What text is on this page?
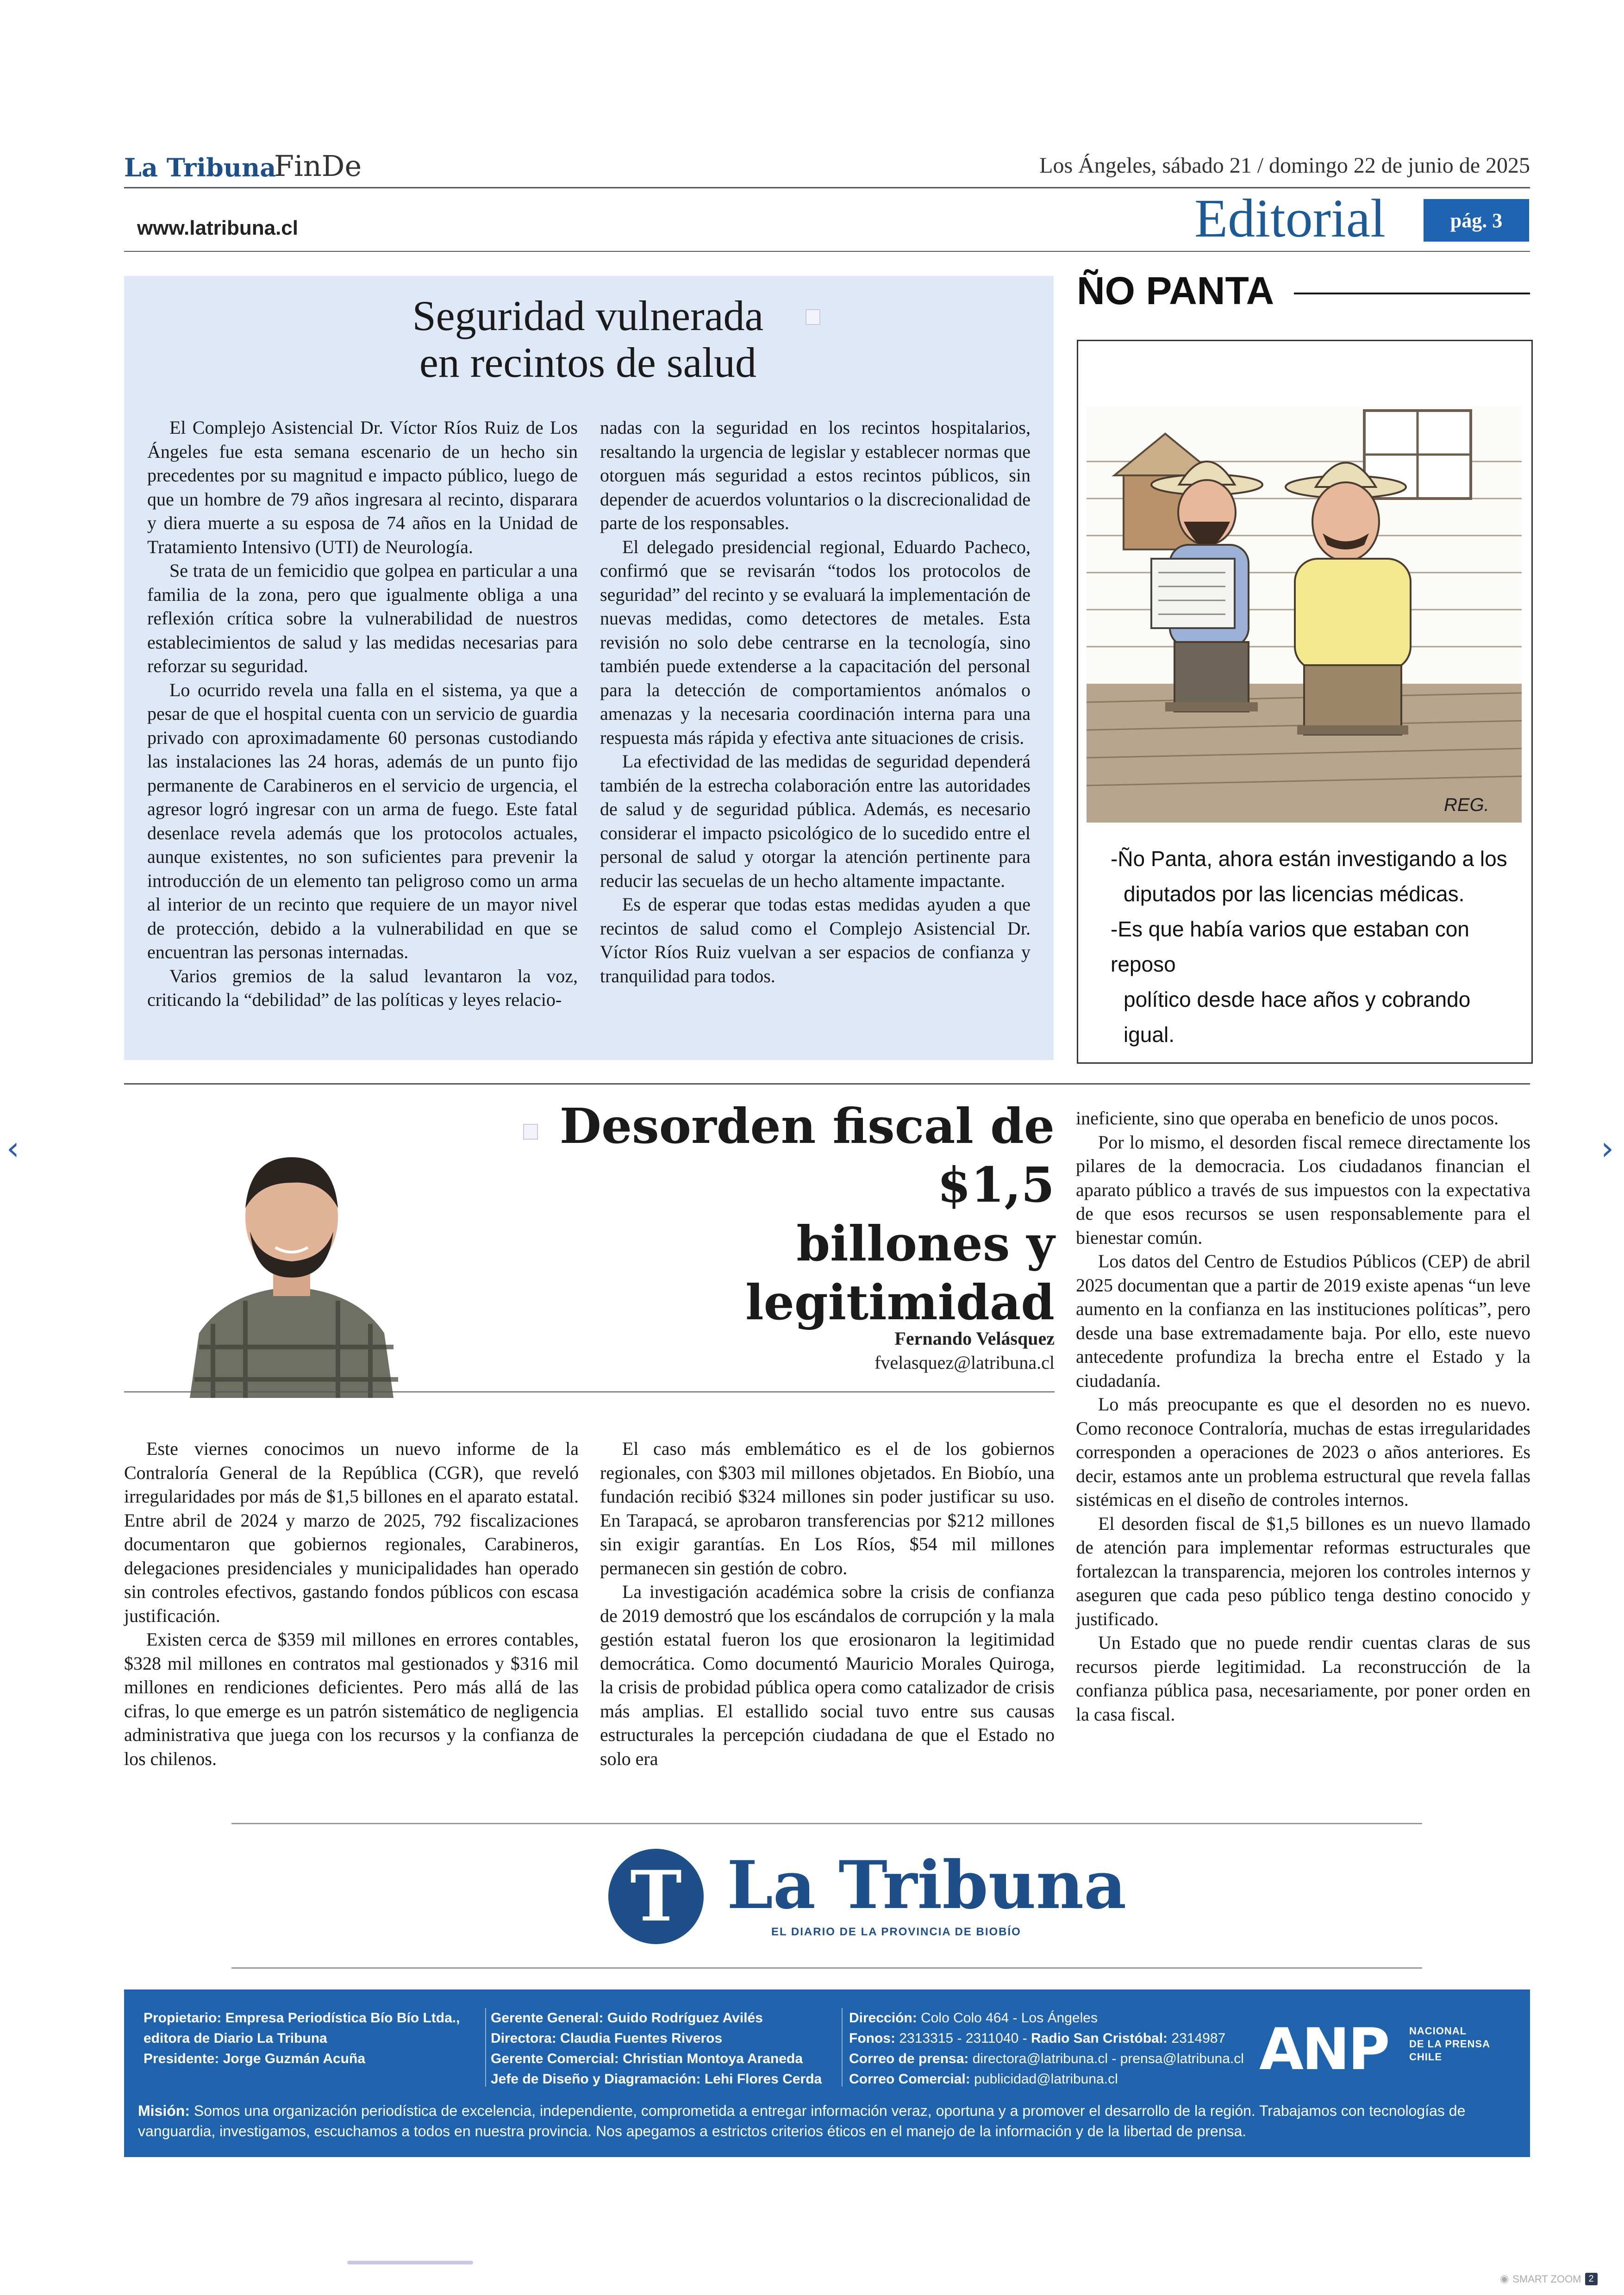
La Tribuna
FinDe	Los Ángeles, sábado 21 / domingo 22 de junio de 2025
www.latribuna.cl	Editorial	pág. 3
Seguridad vulnerada
en recintos de salud

El Complejo Asistencial Dr. Víctor Ríos Ruiz de Los Ángeles fue esta semana escenario de un hecho sin precedentes por su magnitud e impacto público, luego de que un hombre de 79 años ingresara al recinto, disparara y diera muerte a su esposa de 74 años en la Unidad de Tratamiento Intensivo (UTI) de Neurología.

Se trata de un femicidio que golpea en particular a una familia de la zona, pero que igualmente obliga a una reflexión crítica sobre la vulnerabilidad de nuestros establecimientos de salud y las medidas necesarias para reforzar su seguridad.

Lo ocurrido revela una falla en el sistema, ya que a pesar de que el hospital cuenta con un servicio de guardia privado con aproximadamente 60 personas custodiando las instalaciones las 24 horas, además de un punto fijo permanente de Carabineros en el servicio de urgencia, el agresor logró ingresar con un arma de fuego. Este fatal desenlace revela además que los protocolos actuales, aunque existentes, no son suficientes para prevenir la introducción de un elemento tan peligroso como un arma al interior de un recinto que requiere de un mayor nivel de protección, debido a la vulnerabilidad en que se encuentran las personas internadas.

Varios gremios de la salud levantaron la voz, criticando la “debilidad” de las políticas y leyes relacio-

nadas con la seguridad en los recintos hospitalarios, resaltando la urgencia de legislar y establecer normas que otorguen más seguridad a estos recintos públicos, sin depender de acuerdos voluntarios o la discrecionalidad de parte de los responsables.

El delegado presidencial regional, Eduardo Pacheco, confirmó que se revisarán “todos los protocolos de seguridad” del recinto y se evaluará la implementación de nuevas medidas, como detectores de metales. Esta revisión no solo debe centrarse en la tecnología, sino también puede extenderse a la capacitación del personal para la detección de comportamientos anómalos o amenazas y la necesaria coordinación interna para una respuesta más rápida y efectiva ante situaciones de crisis.

La efectividad de las medidas de seguridad dependerá también de la estrecha colaboración entre las autoridades de salud y de seguridad pública. Además, es necesario considerar el impacto psicológico de lo sucedido entre el personal de salud y otorgar la atención pertinente para reducir las secuelas de un hecho altamente impactante.

Es de esperar que todas estas medidas ayuden a que recintos de salud como el Complejo Asistencial Dr. Víctor Ríos Ruiz vuelvan a ser espacios de confianza y tranquilidad para todos.

ÑO PANTA
REG.
-Ño Panta, ahora están investigando a los
diputados por las licencias médicas.
-Es que había varios que estaban con reposo
político desde hace años y cobrando igual.
Desorden fiscal de $1,5
billones y legitimidad
Fernando Velásquez
fvelasquez@latribuna.cl

Este viernes conocimos un nuevo informe de la Contraloría General de la República (CGR), que reveló irregularidades por más de $1,5 billones en el aparato estatal. Entre abril de 2024 y marzo de 2025, 792 fiscalizaciones documentaron que gobiernos regionales, Carabineros, delegaciones presidenciales y municipalidades han operado sin controles efectivos, gastando fondos públicos con escasa justificación.

Existen cerca de $359 mil millones en errores contables, $328 mil millones en contratos mal gestionados y $316 mil millones en rendiciones deficientes. Pero más allá de las cifras, lo que emerge es un patrón sistemático de negligencia administrativa que juega con los recursos y la confianza de los chilenos.

El caso más emblemático es el de los gobiernos regionales, con $303 mil millones objetados. En Biobío, una fundación recibió $324 millones sin poder justificar su uso. En Tarapacá, se aprobaron transferencias por $212 millones sin exigir garantías. En Los Ríos, $54 mil millones permanecen sin gestión de cobro.

La investigación académica sobre la crisis de confianza de 2019 demostró que los escándalos de corrupción y la mala gestión estatal fueron los que erosionaron la legitimidad democrática. Como documentó Mauricio Morales Quiroga, la crisis de probidad pública opera como catalizador de crisis más amplias. El estallido social tuvo entre sus causas estructurales la percepción ciudadana de que el Estado no solo era

ineficiente, sino que operaba en beneficio de unos pocos.

Por lo mismo, el desorden fiscal remece directamente los pilares de la democracia. Los ciudadanos financian el aparato público a través de sus impuestos con la expectativa de que esos recursos se usen responsablemente para el bienestar común.

Los datos del Centro de Estudios Públicos (CEP) de abril 2025 documentan que a partir de 2019 existe apenas “un leve aumento en la confianza en las instituciones políticas”, pero desde una base extremadamente baja. Por ello, este nuevo antecedente profundiza la brecha entre el Estado y la ciudadanía.

Lo más preocupante es que el desorden no es nuevo. Como reconoce Contraloría, muchas de estas irregularidades corresponden a operaciones de 2023 o años anteriores. Es decir, estamos ante un problema estructural que revela fallas sistémicas en el diseño de controles internos.

El desorden fiscal de $1,5 billones es un nuevo llamado de atención para implementar reformas estructurales que fortalezcan la transparencia, mejoren los controles internos y aseguren que cada peso público tenga destino conocido y justificado.

Un Estado que no puede rendir cuentas claras de sus recursos pierde legitimidad. La reconstrucción de la confianza pública pasa, necesariamente, por poner orden en la casa fiscal.

T La Tribuna
EL DIARIO DE LA PROVINCIA DE BIOBÍO
Propietario: Empresa Periodística Bío Bío Ltda.,
editora de Diario La Tribuna
Presidente: Jorge Guzmán Acuña
Gerente General: Guido Rodríguez Avilés
Directora: Claudia Fuentes Riveros
Gerente Comercial: Christian Montoya Araneda
Jefe de Diseño y Diagramación: Lehi Flores Cerda
Dirección: Colo Colo 464 - Los Ángeles
Fonos: 2313315 - 2311040 - Radio San Cristóbal: 2314987
Correo de prensa: directora@latribuna.cl - prensa@latribuna.cl
Correo Comercial: publicidad@latribuna.cl	ANP NACIONAL
DE LA PRENSA
CHILE
Misión: Somos una organización periodística de excelencia, independiente, comprometida a entregar información veraz, oportuna y a promover el desarrollo de la región. Trabajamos con tecnologías de vanguardia, investigamos, escuchamos a todos en nuestra provincia. Nos apegamos a estrictos criterios éticos en el manejo de la información y de la libertad de prensa.
‹	›
◉ SMART ZOOM 2
